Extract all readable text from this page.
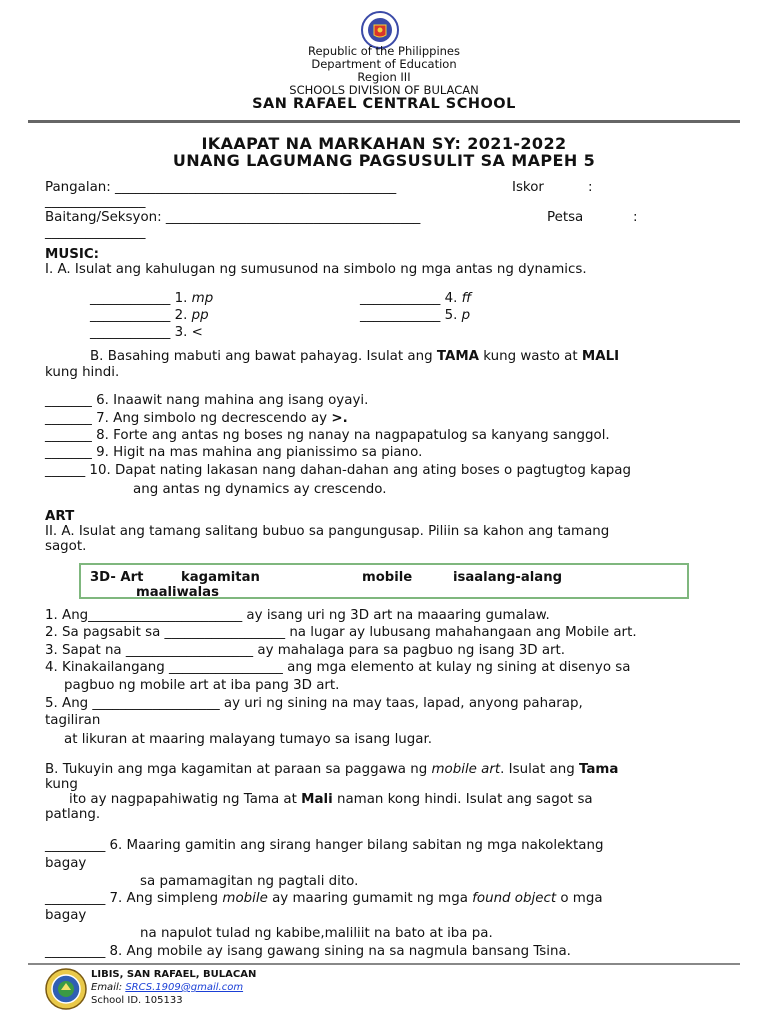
Republic of the Philippines
Department of Education
Region III
SCHOOLS DIVISION OF BULACAN
SAN RAFAEL CENTRAL SCHOOL
IKAAPAT NA MARKAHAN SY: 2021-2022
UNANG LAGUMANG PAGSUSULIT SA MAPEH 5
Pangalan: __________________________________________	Iskor	:
_______________
Baitang/Seksyon: ______________________________________	Petsa	:
_______________
MUSIC:
I. A. Isulat ang kahulugan ng sumusunod na simbolo ng mga antas ng dynamics.
____________ 1. mp
____________ 2. pp
____________ 3. <
____________ 4. ff
____________ 5. p
B. Basahing mabuti ang bawat pahayag. Isulat ang TAMA kung wasto at MALI
kung hindi.
_______ 6. Inaawit nang mahina ang isang oyayi.
_______ 7. Ang simbolo ng decrescendo ay >.
_______ 8. Forte ang antas ng boses ng nanay na nagpapatulog sa kanyang sanggol.
_______ 9. Higit na mas mahina ang pianissimo sa piano.
______ 10. Dapat nating lakasan nang dahan-dahan ang ating boses o pagtugtog kapag
ang antas ng dynamics ay crescendo.
ART
II. A. Isulat ang tamang salitang bubuo sa pangungusap. Piliin sa kahon ang tamang
sagot.
3D- Art	kagamitan	mobile	isaalang-alang
maaliwalas
1. Ang_______________________ ay isang uri ng 3D art na maaaring gumalaw.
2. Sa pagsabit sa __________________ na lugar ay lubusang mahahangaan ang Mobile art.
3. Sapat na ___________________ ay mahalaga para sa pagbuo ng isang 3D art.
4. Kinakailangang _________________ ang mga elemento at kulay ng sining at disenyo sa
pagbuo ng mobile art at iba pang 3D art.
5. Ang ___________________ ay uri ng sining na may taas, lapad, anyong paharap,
tagiliran
at likuran at maaring malayang tumayo sa isang lugar.
B. Tukuyin ang mga kagamitan at paraan sa paggawa ng mobile art. Isulat ang Tama
kung
ito ay nagpapahiwatig ng Tama at Mali naman kong hindi. Isulat ang sagot sa
patlang.
_________ 6. Maaring gamitin ang sirang hanger bilang sabitan ng mga nakolektang
bagay
sa pamamagitan ng pagtali dito.
_________ 7. Ang simpleng mobile ay maaring gumamit ng mga found object o mga
bagay
na napulot tulad ng kabibe,maliliit na bato at iba pa.
_________ 8. Ang mobile ay isang gawang sining na sa nagmula bansang Tsina.
LIBIS, SAN RAFAEL, BULACAN
Email: SRCS.1909@gmail.com
School ID. 105133
